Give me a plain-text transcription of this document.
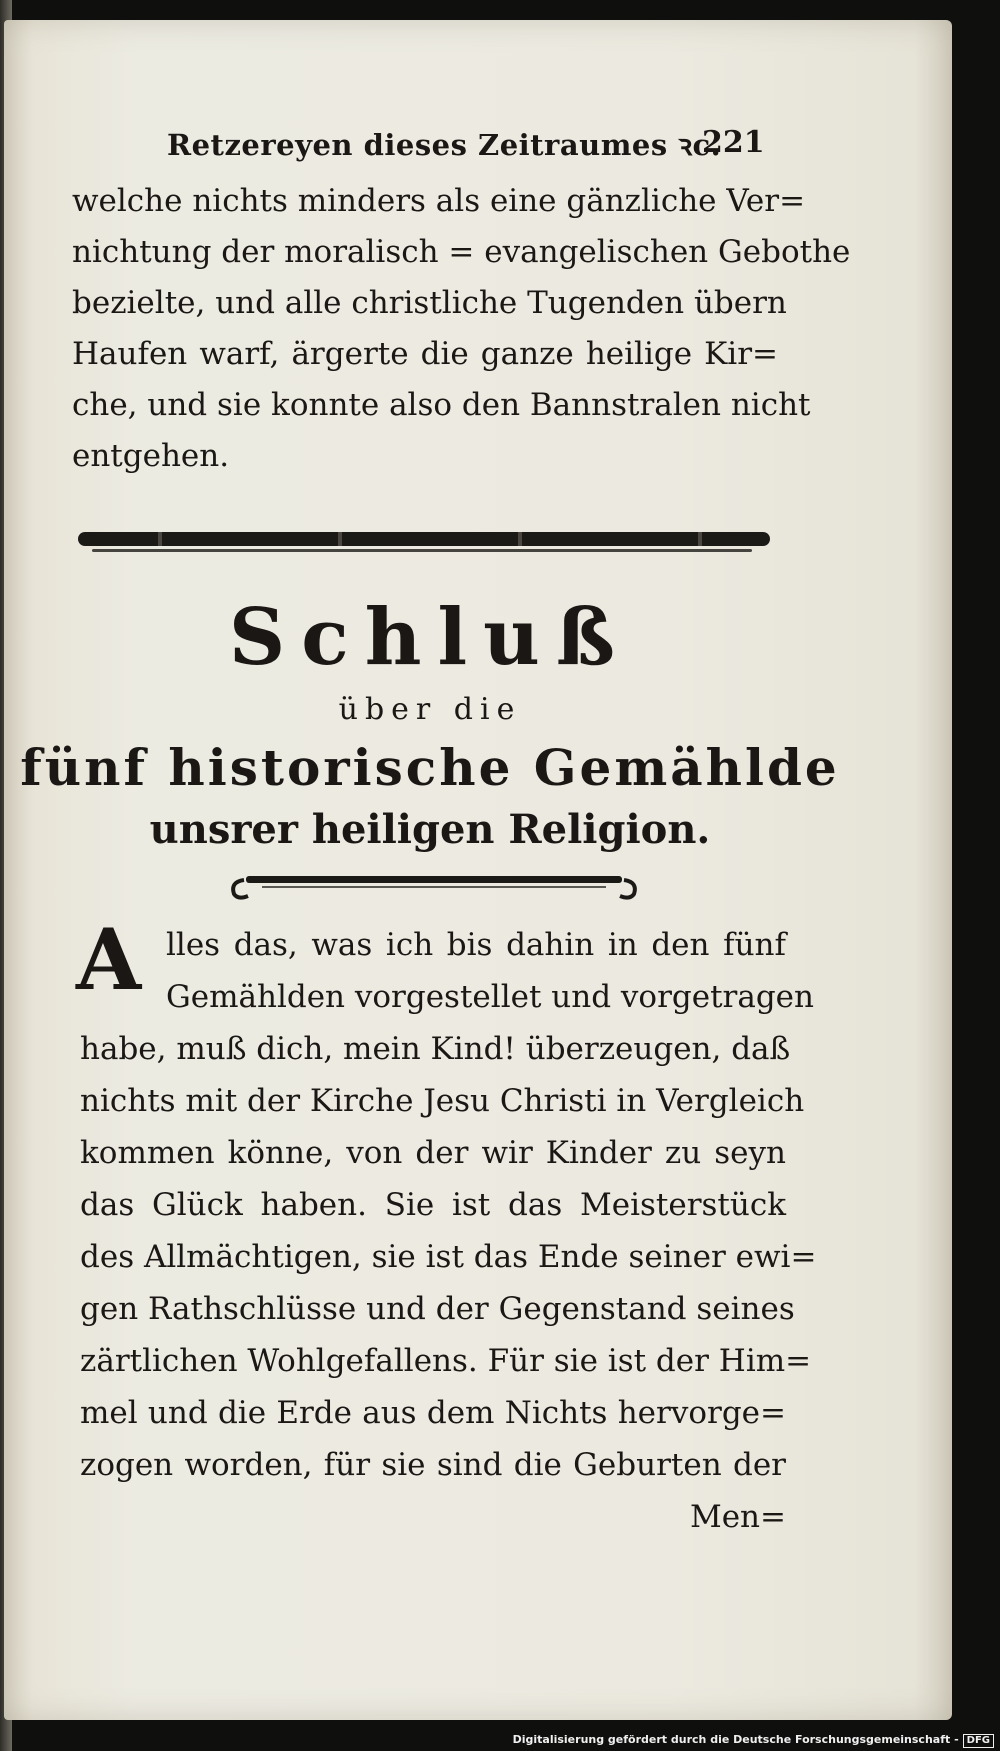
Retzereyen dieses Zeitraumes ꝛc.
221
welche nichts minders als eine gänzliche Ver=
nichtung der moralisch = evangelischen Gebothe
bezielte, und alle christliche Tugenden übern
Haufen warf, ärgerte die ganze heilige Kir=
che, und sie konnte also den Bannstralen nicht
entgehen.
Schluß
über die
fünf historische Gemählde
unsrer heiligen Religion.
A lles das, was ich bis dahin in den fünf
Gemählden vorgestellet und vorgetragen
habe, muß dich, mein Kind! überzeugen, daß
nichts mit der Kirche Jesu Christi in Vergleich
kommen könne, von der wir Kinder zu seyn
das Glück haben. Sie ist das Meisterstück
des Allmächtigen, sie ist das Ende seiner ewi=
gen Rathschlüsse und der Gegenstand seines
zärtlichen Wohlgefallens. Für sie ist der Him=
mel und die Erde aus dem Nichts hervorge=
zogen worden, für sie sind die Geburten der
Men=
Digitalisierung gefördert durch die Deutsche Forschungsgemeinschaft - DFG
